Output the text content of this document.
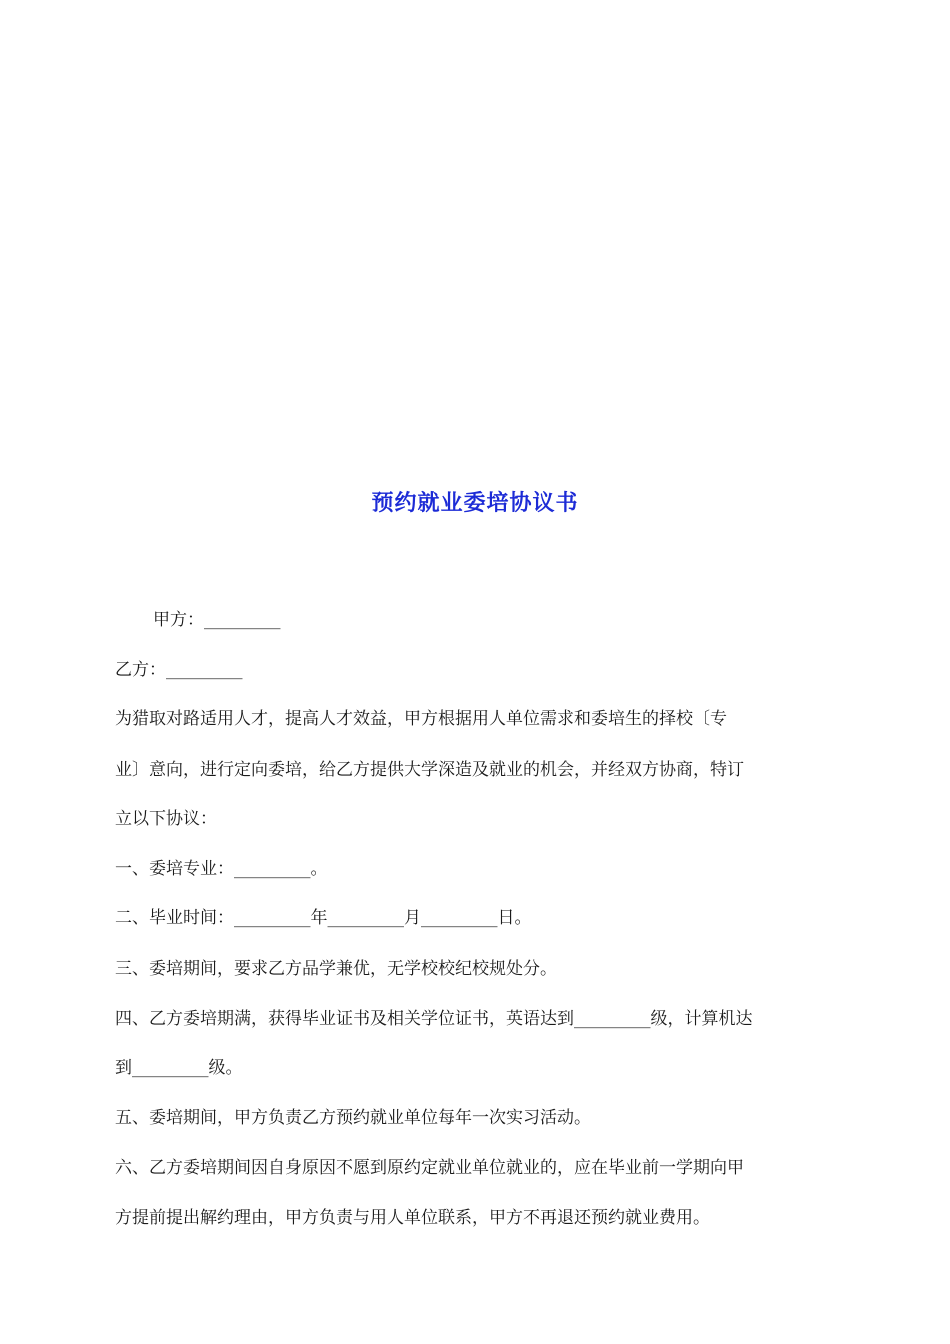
预约就业委培协议书
甲方：_________
乙方：_________
为猎取对路适用人才，提高人才效益，甲方根据用人单位需求和委培生的择校〔专
业〕意向，进行定向委培，给乙方提供大学深造及就业的机会，并经双方协商，特订
立以下协议：
一、委培专业：_________。
二、毕业时间：_________年_________月_________日。
三、委培期间，要求乙方品学兼优，无学校校纪校规处分。
四、乙方委培期满，获得毕业证书及相关学位证书，英语达到_________级，计算机达
到_________级。
五、委培期间，甲方负责乙方预约就业单位每年一次实习活动。
六、乙方委培期间因自身原因不愿到原约定就业单位就业的，应在毕业前一学期向甲
方提前提出解约理由，甲方负责与用人单位联系，甲方不再退还预约就业费用。
